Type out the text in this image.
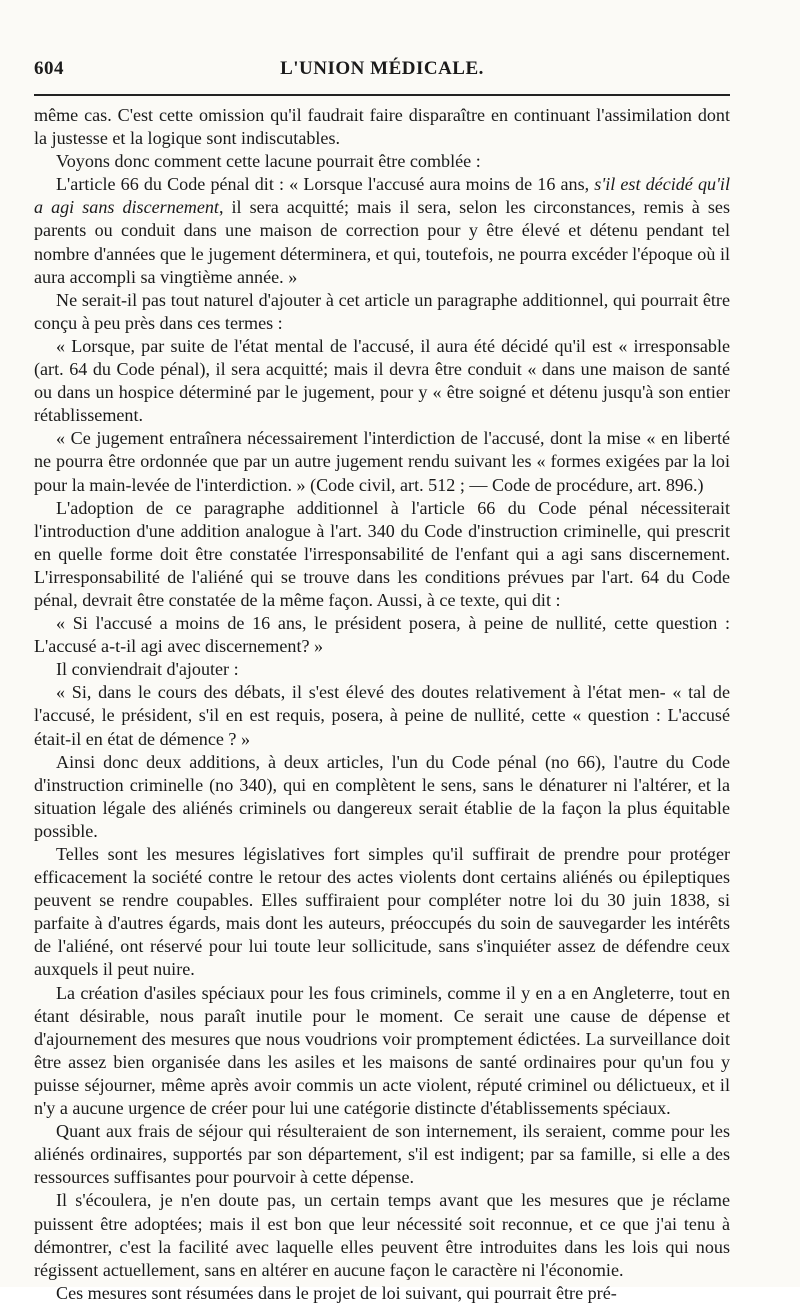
604	L'UNION MÉDICALE.

même cas. C'est cette omission qu'il faudrait faire disparaître en continuant l'assimilation dont la justesse et la logique sont indiscutables.

Voyons donc comment cette lacune pourrait être comblée :

L'article 66 du Code pénal dit : « Lorsque l'accusé aura moins de 16 ans, s'il est décidé qu'il a agi sans discernement, il sera acquitté; mais il sera, selon les circonstances, remis à ses parents ou conduit dans une maison de correction pour y être élevé et détenu pendant tel nombre d'années que le jugement déterminera, et qui, toutefois, ne pourra excéder l'époque où il aura accompli sa vingtième année. »

Ne serait-il pas tout naturel d'ajouter à cet article un paragraphe additionnel, qui pourrait être conçu à peu près dans ces termes :

« Lorsque, par suite de l'état mental de l'accusé, il aura été décidé qu'il est « irresponsable (art. 64 du Code pénal), il sera acquitté; mais il devra être conduit « dans une maison de santé ou dans un hospice déterminé par le jugement, pour y « être soigné et détenu jusqu'à son entier rétablissement.

« Ce jugement entraînera nécessairement l'interdiction de l'accusé, dont la mise « en liberté ne pourra être ordonnée que par un autre jugement rendu suivant les « formes exigées par la loi pour la main-levée de l'interdiction. » (Code civil, art. 512 ; — Code de procédure, art. 896.)

L'adoption de ce paragraphe additionnel à l'article 66 du Code pénal nécessiterait l'introduction d'une addition analogue à l'art. 340 du Code d'instruction criminelle, qui prescrit en quelle forme doit être constatée l'irresponsabilité de l'enfant qui a agi sans discernement. L'irresponsabilité de l'aliéné qui se trouve dans les conditions prévues par l'art. 64 du Code pénal, devrait être constatée de la même façon. Aussi, à ce texte, qui dit :

« Si l'accusé a moins de 16 ans, le président posera, à peine de nullité, cette question : L'accusé a-t-il agi avec discernement? »

Il conviendrait d'ajouter :

« Si, dans le cours des débats, il s'est élevé des doutes relativement à l'état men- « tal de l'accusé, le président, s'il en est requis, posera, à peine de nullité, cette « question : L'accusé était-il en état de démence ? »

Ainsi donc deux additions, à deux articles, l'un du Code pénal (no 66), l'autre du Code d'instruction criminelle (no 340), qui en complètent le sens, sans le dénaturer ni l'altérer, et la situation légale des aliénés criminels ou dangereux serait établie de la façon la plus équitable possible.

Telles sont les mesures législatives fort simples qu'il suffirait de prendre pour protéger efficacement la société contre le retour des actes violents dont certains aliénés ou épileptiques peuvent se rendre coupables. Elles suffiraient pour compléter notre loi du 30 juin 1838, si parfaite à d'autres égards, mais dont les auteurs, préoccupés du soin de sauvegarder les intérêts de l'aliéné, ont réservé pour lui toute leur sollicitude, sans s'inquiéter assez de défendre ceux auxquels il peut nuire.

La création d'asiles spéciaux pour les fous criminels, comme il y en a en Angleterre, tout en étant désirable, nous paraît inutile pour le moment. Ce serait une cause de dépense et d'ajournement des mesures que nous voudrions voir promptement édictées. La surveillance doit être assez bien organisée dans les asiles et les maisons de santé ordinaires pour qu'un fou y puisse séjourner, même après avoir commis un acte violent, réputé criminel ou délictueux, et il n'y a aucune urgence de créer pour lui une catégorie distincte d'établissements spéciaux.

Quant aux frais de séjour qui résulteraient de son internement, ils seraient, comme pour les aliénés ordinaires, supportés par son département, s'il est indigent; par sa famille, si elle a des ressources suffisantes pour pourvoir à cette dépense.

Il s'écoulera, je n'en doute pas, un certain temps avant que les mesures que je réclame puissent être adoptées; mais il est bon que leur nécessité soit reconnue, et ce que j'ai tenu à démontrer, c'est la facilité avec laquelle elles peuvent être introduites dans les lois qui nous régissent actuellement, sans en altérer en aucune façon le caractère ni l'économie.

Ces mesures sont résumées dans le projet de loi suivant, qui pourrait être pré-
